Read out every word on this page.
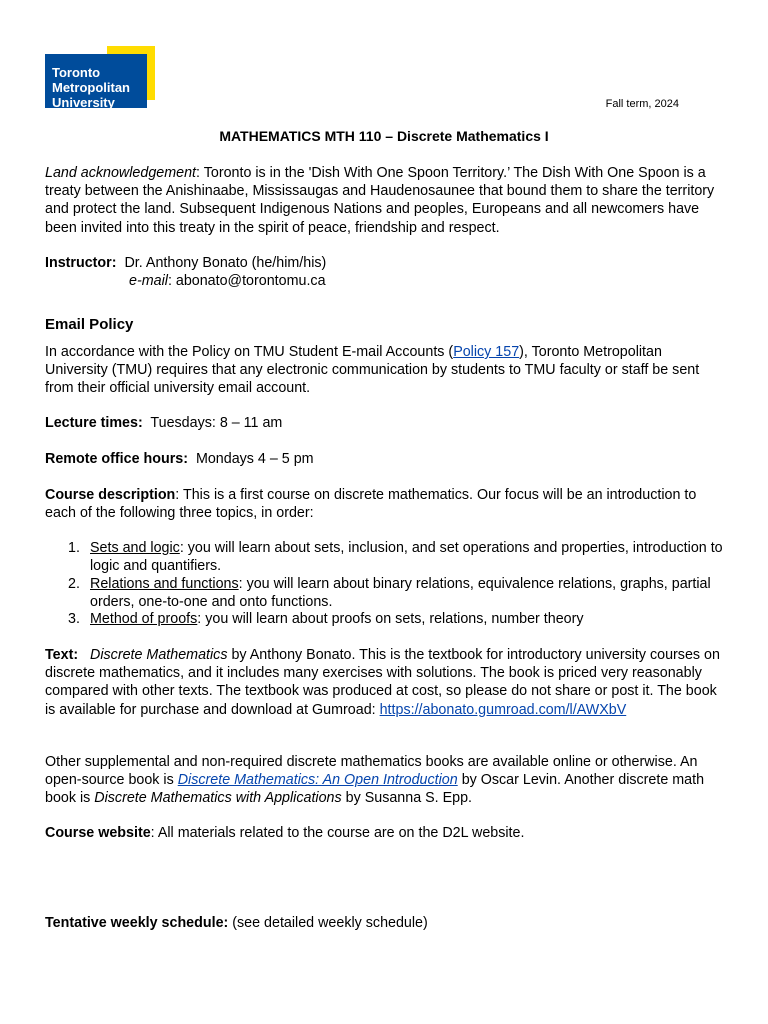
Toronto
Metropolitan
University	Fall term, 2024
MATHEMATICS MTH 110 – Discrete Mathematics I
Land acknowledgement: Toronto is in the 'Dish With One Spoon Territory.’ The Dish With One Spoon is a treaty between the Anishinaabe, Mississaugas and Haudenosaunee that bound them to share the territory and protect the land. Subsequent Indigenous Nations and peoples, Europeans and all newcomers have been invited into this treaty in the spirit of peace, friendship and respect.
Instructor: Dr. Anthony Bonato (he/him/his)
e-mail: abonato@torontomu.ca
Email Policy
In accordance with the Policy on TMU Student E-mail Accounts (Policy 157), Toronto Metropolitan University (TMU) requires that any electronic communication by students to TMU faculty or staff be sent from their official university email account.
Lecture times: Tuesdays: 8 – 11 am
Remote office hours: Mondays 4 – 5 pm
Course description: This is a first course on discrete mathematics. Our focus will be an introduction to each of the following three topics, in order:
1. Sets and logic: you will learn about sets, inclusion, and set operations and properties, introduction to logic and quantifiers.
2. Relations and functions: you will learn about binary relations, equivalence relations, graphs, partial orders, one-to-one and onto functions.
3. Method of proofs: you will learn about proofs on sets, relations, number theory
Text: Discrete Mathematics by Anthony Bonato. This is the textbook for introductory university courses on discrete mathematics, and it includes many exercises with solutions. The book is priced very reasonably compared with other texts. The textbook was produced at cost, so please do not share or post it. The book is available for purchase and download at Gumroad: https://abonato.gumroad.com/l/AWXbV
Other supplemental and non-required discrete mathematics books are available online or otherwise. An open-source book is Discrete Mathematics: An Open Introduction by Oscar Levin. Another discrete math book is Discrete Mathematics with Applications by Susanna S. Epp.
Course website: All materials related to the course are on the D2L website.
Tentative weekly schedule: (see detailed weekly schedule)
